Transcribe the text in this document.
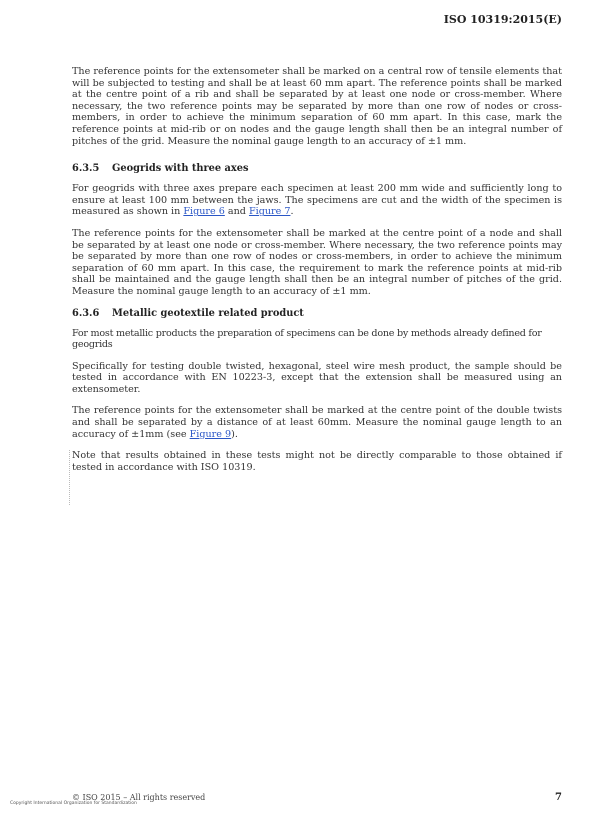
ISO 10319:2015(E)

The reference points for the extensometer shall be marked on a central row of tensile elements that will be subjected to testing and shall be at least 60 mm apart. The reference points shall be marked at the centre point of a rib and shall be separated by at least one node or cross-member. Where necessary, the two reference points may be separated by more than one row of nodes or cross-members, in order to achieve the minimum separation of 60 mm apart. In this case, mark the reference points at mid-rib or on nodes and the gauge length shall then be an integral number of pitches of the grid. Measure the nominal gauge length to an accuracy of ±1 mm.

6.3.5 Geogrids with three axes

For geogrids with three axes prepare each specimen at least 200 mm wide and sufficiently long to ensure at least 100 mm between the jaws. The specimens are cut and the width of the specimen is measured as shown in Figure 6 and Figure 7.

The reference points for the extensometer shall be marked at the centre point of a node and shall be separated by at least one node or cross-member. Where necessary, the two reference points may be separated by more than one row of nodes or cross-members, in order to achieve the minimum separation of 60 mm apart. In this case, the requirement to mark the reference points at mid-rib shall be maintained and the gauge length shall then be an integral number of pitches of the grid. Measure the nominal gauge length to an accuracy of ±1 mm.

6.3.6 Metallic geotextile related product

For most metallic products the preparation of specimens can be done by methods already defined for geogrids

Specifically for testing double twisted, hexagonal, steel wire mesh product, the sample should be tested in accordance with EN 10223-3, except that the extension shall be measured using an extensometer.

The reference points for the extensometer shall be marked at the centre point of the double twists and shall be separated by a distance of at least 60mm. Measure the nominal gauge length to an accuracy of ±1mm (see Figure 9).

Note that results obtained in these tests might not be directly comparable to those obtained if tested in accordance with ISO 10319.

© ISO 2015 – All rights reserved
Copyright International Organization for Standardization
7
